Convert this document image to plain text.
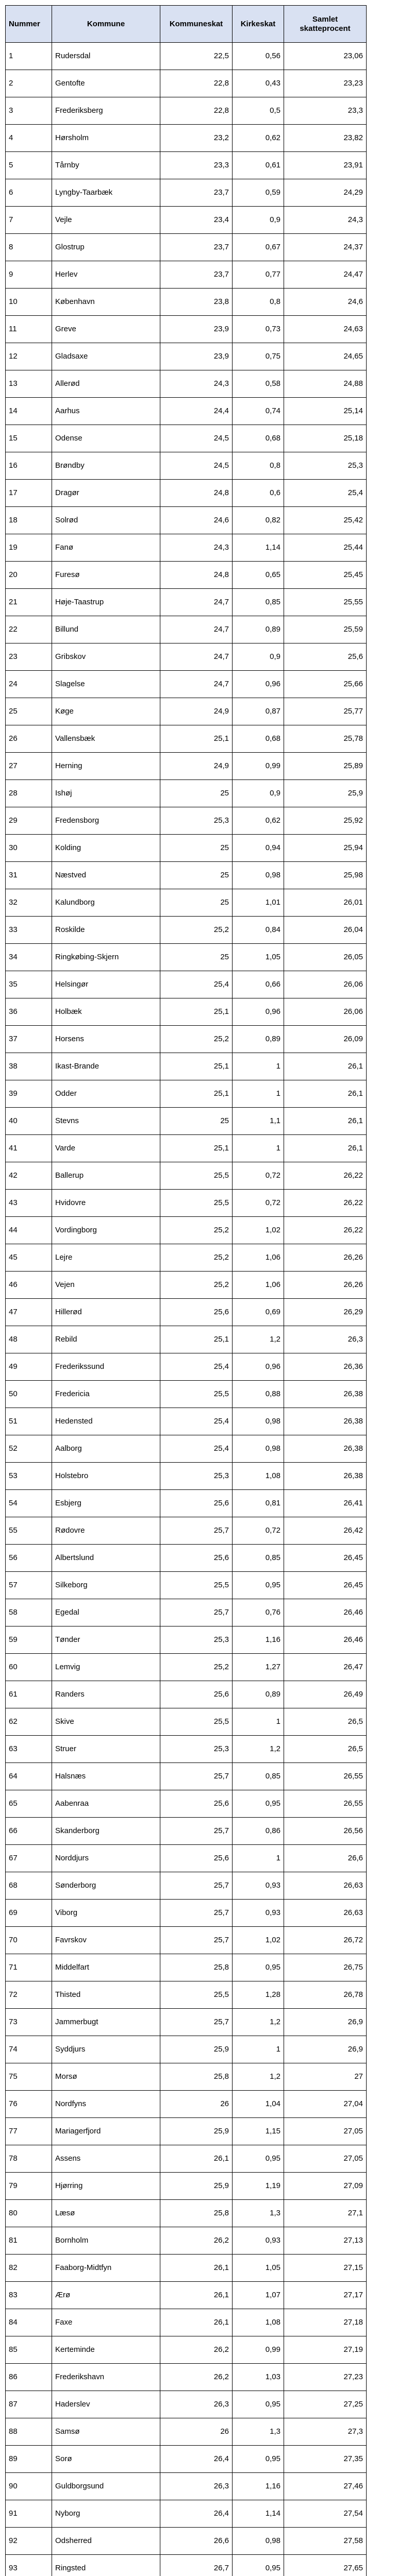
Nummer	Kommune	Kommuneskat	Kirkeskat	Samlet skatteprocent
1	Rudersdal	22,5	0,56	23,06
2	Gentofte	22,8	0,43	23,23
3	Frederiksberg	22,8	0,5	23,3
4	Hørsholm	23,2	0,62	23,82
5	Tårnby	23,3	0,61	23,91
6	Lyngby-Taarbæk	23,7	0,59	24,29
7	Vejle	23,4	0,9	24,3
8	Glostrup	23,7	0,67	24,37
9	Herlev	23,7	0,77	24,47
10	København	23,8	0,8	24,6
11	Greve	23,9	0,73	24,63
12	Gladsaxe	23,9	0,75	24,65
13	Allerød	24,3	0,58	24,88
14	Aarhus	24,4	0,74	25,14
15	Odense	24,5	0,68	25,18
16	Brøndby	24,5	0,8	25,3
17	Dragør	24,8	0,6	25,4
18	Solrød	24,6	0,82	25,42
19	Fanø	24,3	1,14	25,44
20	Furesø	24,8	0,65	25,45
21	Høje-Taastrup	24,7	0,85	25,55
22	Billund	24,7	0,89	25,59
23	Gribskov	24,7	0,9	25,6
24	Slagelse	24,7	0,96	25,66
25	Køge	24,9	0,87	25,77
26	Vallensbæk	25,1	0,68	25,78
27	Herning	24,9	0,99	25,89
28	Ishøj	25	0,9	25,9
29	Fredensborg	25,3	0,62	25,92
30	Kolding	25	0,94	25,94
31	Næstved	25	0,98	25,98
32	Kalundborg	25	1,01	26,01
33	Roskilde	25,2	0,84	26,04
34	Ringkøbing-Skjern	25	1,05	26,05
35	Helsingør	25,4	0,66	26,06
36	Holbæk	25,1	0,96	26,06
37	Horsens	25,2	0,89	26,09
38	Ikast-Brande	25,1	1	26,1
39	Odder	25,1	1	26,1
40	Stevns	25	1,1	26,1
41	Varde	25,1	1	26,1
42	Ballerup	25,5	0,72	26,22
43	Hvidovre	25,5	0,72	26,22
44	Vordingborg	25,2	1,02	26,22
45	Lejre	25,2	1,06	26,26
46	Vejen	25,2	1,06	26,26
47	Hillerød	25,6	0,69	26,29
48	Rebild	25,1	1,2	26,3
49	Frederikssund	25,4	0,96	26,36
50	Fredericia	25,5	0,88	26,38
51	Hedensted	25,4	0,98	26,38
52	Aalborg	25,4	0,98	26,38
53	Holstebro	25,3	1,08	26,38
54	Esbjerg	25,6	0,81	26,41
55	Rødovre	25,7	0,72	26,42
56	Albertslund	25,6	0,85	26,45
57	Silkeborg	25,5	0,95	26,45
58	Egedal	25,7	0,76	26,46
59	Tønder	25,3	1,16	26,46
60	Lemvig	25,2	1,27	26,47
61	Randers	25,6	0,89	26,49
62	Skive	25,5	1	26,5
63	Struer	25,3	1,2	26,5
64	Halsnæs	25,7	0,85	26,55
65	Aabenraa	25,6	0,95	26,55
66	Skanderborg	25,7	0,86	26,56
67	Norddjurs	25,6	1	26,6
68	Sønderborg	25,7	0,93	26,63
69	Viborg	25,7	0,93	26,63
70	Favrskov	25,7	1,02	26,72
71	Middelfart	25,8	0,95	26,75
72	Thisted	25,5	1,28	26,78
73	Jammerbugt	25,7	1,2	26,9
74	Syddjurs	25,9	1	26,9
75	Morsø	25,8	1,2	27
76	Nordfyns	26	1,04	27,04
77	Mariagerfjord	25,9	1,15	27,05
78	Assens	26,1	0,95	27,05
79	Hjørring	25,9	1,19	27,09
80	Læsø	25,8	1,3	27,1
81	Bornholm	26,2	0,93	27,13
82	Faaborg-Midtfyn	26,1	1,05	27,15
83	Ærø	26,1	1,07	27,17
84	Faxe	26,1	1,08	27,18
85	Kerteminde	26,2	0,99	27,19
86	Frederikshavn	26,2	1,03	27,23
87	Haderslev	26,3	0,95	27,25
88	Samsø	26	1,3	27,3
89	Sorø	26,4	0,95	27,35
90	Guldborgsund	26,3	1,16	27,46
91	Nyborg	26,4	1,14	27,54
92	Odsherred	26,6	0,98	27,58
93	Ringsted	26,7	0,95	27,65
